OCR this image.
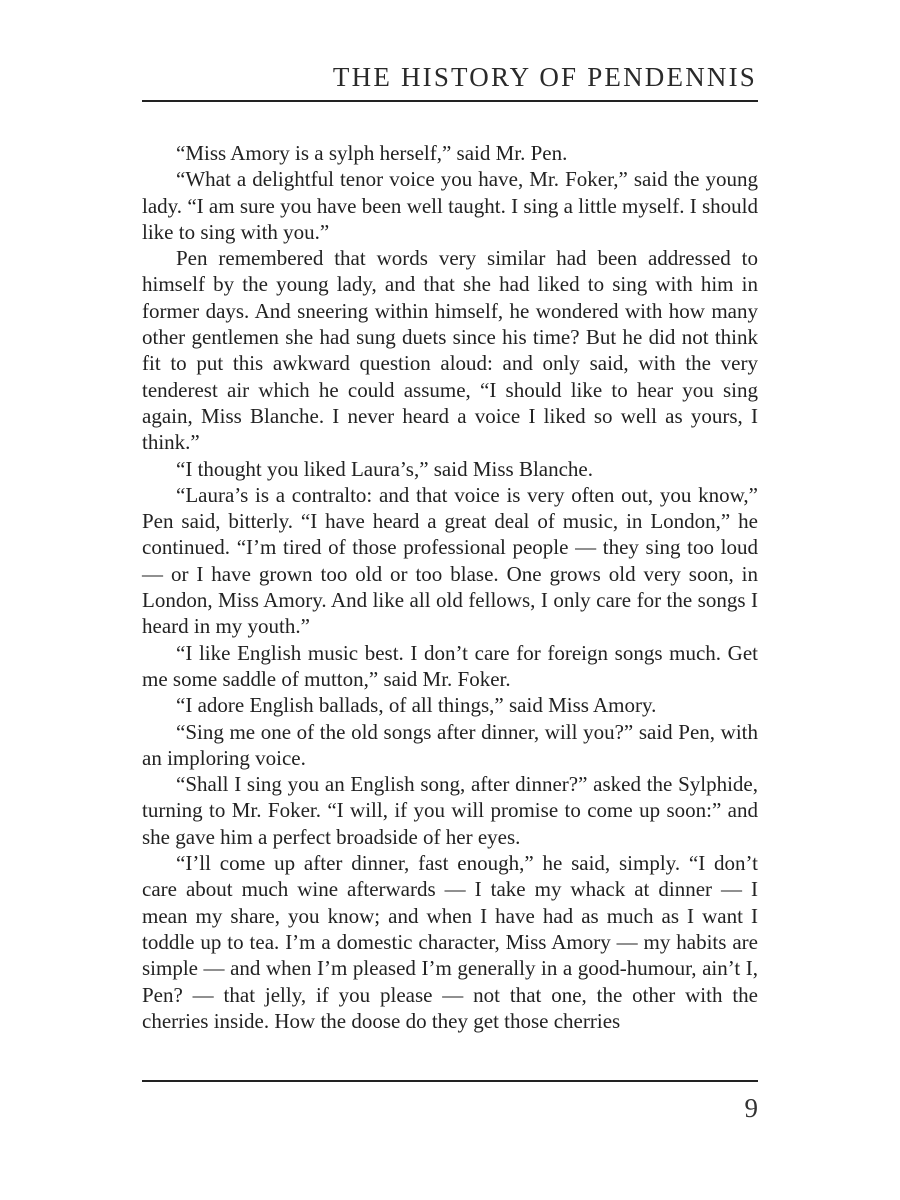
THE HISTORY OF PENDENNIS

“Miss Amory is a sylph herself,” said Mr. Pen.

“What a delightful tenor voice you have, Mr. Foker,” said the young lady. “I am sure you have been well taught. I sing a little myself. I should like to sing with you.”

Pen remembered that words very similar had been addressed to himself by the young lady, and that she had liked to sing with him in former days. And sneering within himself, he wondered with how many other gentlemen she had sung duets since his time? But he did not think fit to put this awkward question aloud: and only said, with the very tenderest air which he could assume, “I should like to hear you sing again, Miss Blanche. I never heard a voice I liked so well as yours, I think.”

“I thought you liked Laura’s,” said Miss Blanche.

“Laura’s is a contralto: and that voice is very often out, you know,” Pen said, bitterly. “I have heard a great deal of music, in London,” he continued. “I’m tired of those professional people — they sing too loud — or I have grown too old or too blase. One grows old very soon, in London, Miss Amory. And like all old fellows, I only care for the songs I heard in my youth.”

“I like English music best. I don’t care for foreign songs much. Get me some saddle of mutton,” said Mr. Foker.

“I adore English ballads, of all things,” said Miss Amory.

“Sing me one of the old songs after dinner, will you?” said Pen, with an imploring voice.

“Shall I sing you an English song, after dinner?” asked the Sylphide, turning to Mr. Foker. “I will, if you will promise to come up soon:” and she gave him a perfect broadside of her eyes.

“I’ll come up after dinner, fast enough,” he said, simply. “I don’t care about much wine afterwards — I take my whack at dinner — I mean my share, you know; and when I have had as much as I want I toddle up to tea. I’m a domestic character, Miss Amory — my habits are simple — and when I’m pleased I’m generally in a good-humour, ain’t I, Pen? — that jelly, if you please — not that one, the other with the cherries inside. How the doose do they get those cherries

9
